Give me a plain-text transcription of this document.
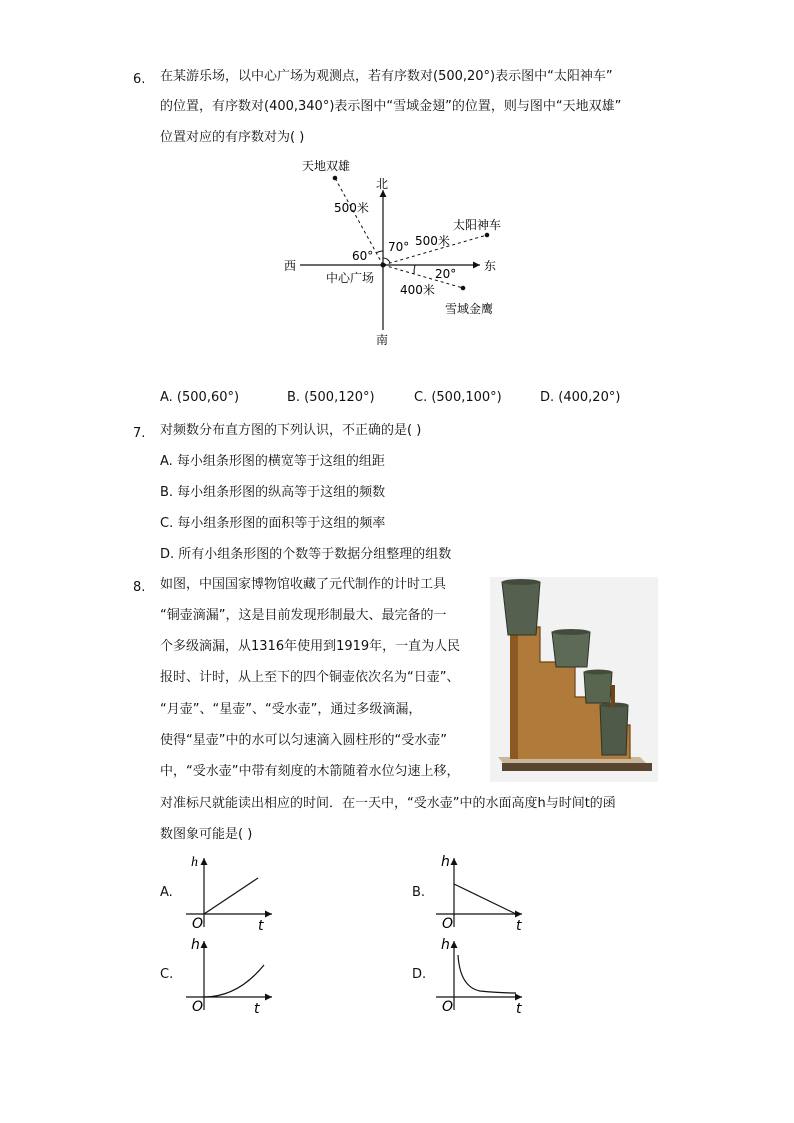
6. 在某游乐场，以中心广场为观测点，若有序数对(500,20°)表示图中“太阳神车”
的位置，有序数对(400,340°)表示图中“雪域金翅”的位置，则与图中“天地双雄”
位置对应的有序数对为( )
北
南
东
西
中心广场
天地双雄
500米
60°
太阳神车
500米
70°
雪域金鹰
400米
20°
A. (500,60°)	B. (500,120°)	C. (500,100°)	D. (400,20°)
7. 对频数分布直方图的下列认识，不正确的是( )
A. 每小组条形图的横宽等于这组的组距
B. 每小组条形图的纵高等于这组的频数
C. 每小组条形图的面积等于这组的频率
D. 所有小组条形图的个数等于数据分组整理的组数
8. 如图，中国国家博物馆收藏了元代制作的计时工具
“铜壶滴漏”，这是目前发现形制最大、最完备的一
个多级滴漏，从1316年使用到1919年，一直为人民
报时、计时，从上至下的四个铜壶依次名为“日壶”、
“月壶”、“星壶”、“受水壶”，通过多级滴漏，
使得“星壶”中的水可以匀速滴入圆柱形的“受水壶”
中，“受水壶”中带有刻度的木箭随着水位匀速上移，
对准标尺就能读出相应的时间．在一天中，“受水壶”中的水面高度h与时间t的函
数图象可能是( )
A.
h
t
O
B.
h
t
O
C.
h
t
O
D.
h
t
O
